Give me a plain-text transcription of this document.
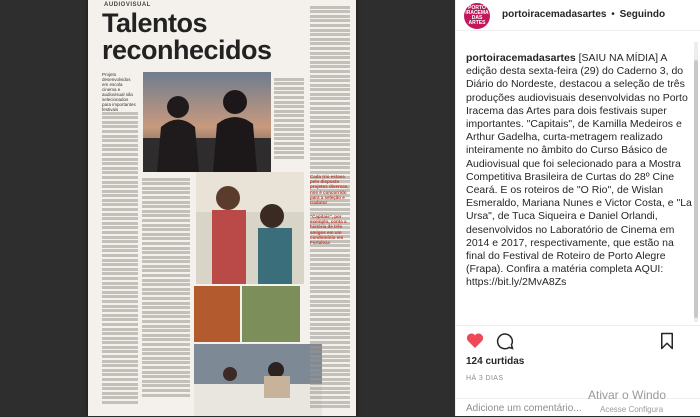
AUDIOVISUAL
Talentos
reconhecidos
Projeto desenvolvidos em escola cinema e audiovisual são selecionados para importantes festivais
Cada trio estava pelo disposto projetos diversas, nos é concorrido para a seleção e tradutor
"Capitais", por exemplo, conta a história de três amigos em um condomínio em Fortaleza
PORTO IRACEMA DAS ARTES
portoiracemadasartes • Seguindo
portoiracemadasartes [SAIU NA MÍDIA] A edição desta sexta-feira (29) do Caderno 3, do Diário do Nordeste, destacou a seleção de três produções audiovisuais desenvolvidas no Porto Iracema das Artes para dois festivais super importantes. "Capitais", de Kamilla Medeiros e Arthur Gadelha, curta-metragem realizado inteiramente no âmbito do Curso Básico de Audiovisual que foi selecionado para a Mostra Competitiva Brasileira de Curtas do 28º Cine Ceará. E os roteiros de "O Rio", de Wislan Esmeraldo, Mariana Nunes e Victor Costa, e "La Ursa", de Tuca Siqueira e Daniel Orlandi, desenvolvidos no Laboratório de Cinema em 2014 e 2017, respectivamente, que estão na final do Festival de Roteiro de Porto Alegre (Frapa). Confira a matéria completa AQUI: https://bit.ly/2MvA8Zs
124 curtidas
HÁ 3 DIAS
Adicione um comentário...
Ativar o Windo
Acesse Configura
